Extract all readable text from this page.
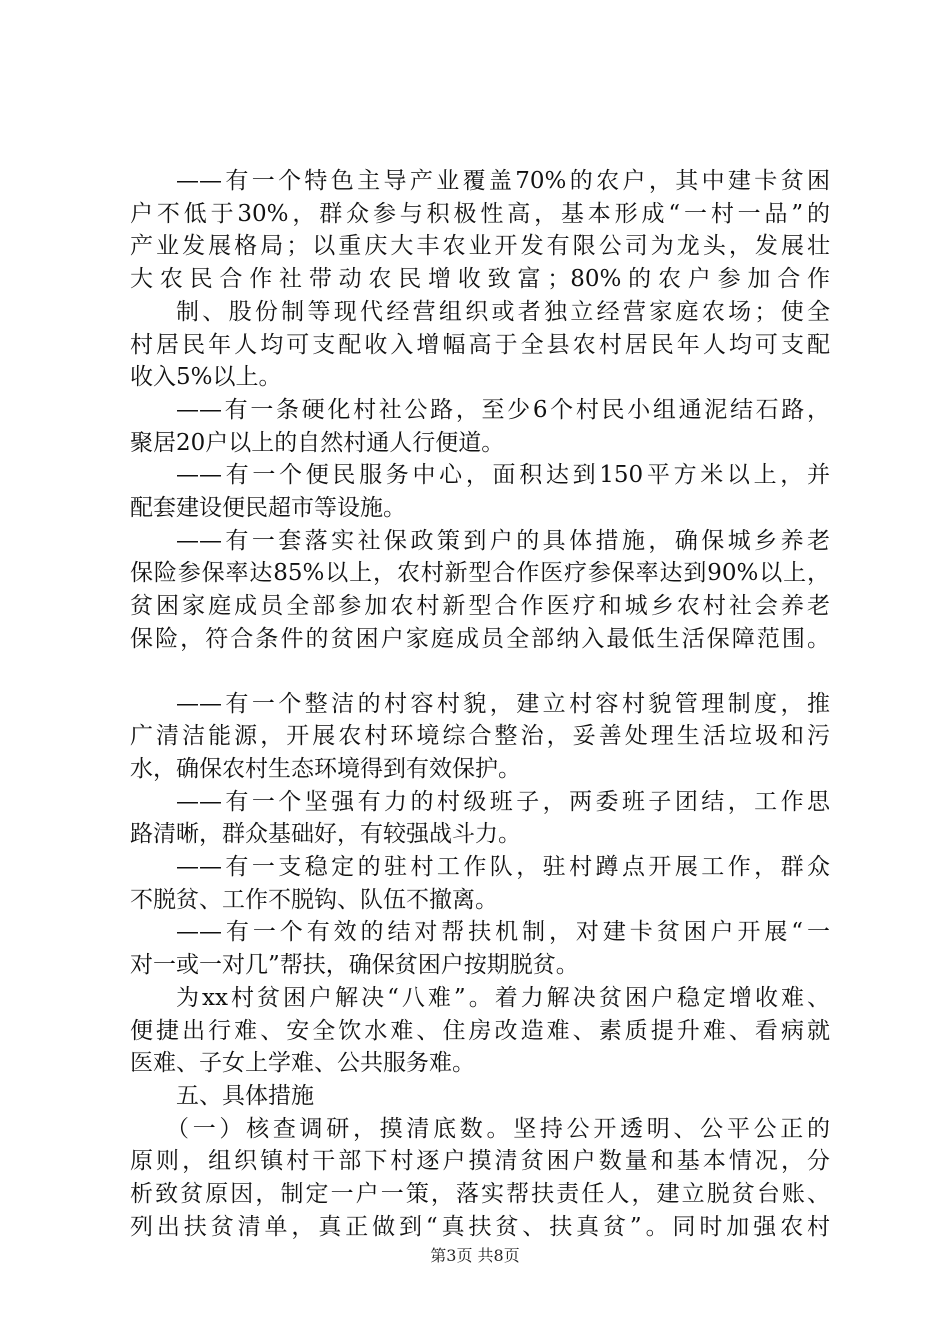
——有一个特色主导产业覆盖70%的农户，其中建卡贫困
户不低于30%，群众参与积极性高，基本形成“一村一品”的
产业发展格局；以重庆大丰农业开发有限公司为龙头，发展壮
大农民合作社带动农民增收致富；80%的农户参加合作
制、股份制等现代经营组织或者独立经营家庭农场；使全
村居民年人均可支配收入增幅高于全县农村居民年人均可支配
收入5%以上。
——有一条硬化村社公路，至少6个村民小组通泥结石路，
聚居20户以上的自然村通人行便道。
——有一个便民服务中心，面积达到150平方米以上，并
配套建设便民超市等设施。
——有一套落实社保政策到户的具体措施，确保城乡养老
保险参保率达85%以上，农村新型合作医疗参保率达到90%以上，
贫困家庭成员全部参加农村新型合作医疗和城乡农村社会养老
保险，符合条件的贫困户家庭成员全部纳入最低生活保障范围。
——有一个整洁的村容村貌，建立村容村貌管理制度，推
广清洁能源，开展农村环境综合整治，妥善处理生活垃圾和污
水，确保农村生态环境得到有效保护。
——有一个坚强有力的村级班子，两委班子团结，工作思
路清晰，群众基础好，有较强战斗力。
——有一支稳定的驻村工作队，驻村蹲点开展工作，群众
不脱贫、工作不脱钩、队伍不撤离。
——有一个有效的结对帮扶机制，对建卡贫困户开展“一
对一或一对几”帮扶，确保贫困户按期脱贫。
为xx村贫困户解决“八难”。着力解决贫困户稳定增收难、
便捷出行难、安全饮水难、住房改造难、素质提升难、看病就
医难、子女上学难、公共服务难。
五、具体措施
（一）核查调研，摸清底数。坚持公开透明、公平公正的
原则，组织镇村干部下村逐户摸清贫困户数量和基本情况，分
析致贫原因，制定一户一策，落实帮扶责任人，建立脱贫台账、
列出扶贫清单，真正做到“真扶贫、扶真贫”。同时加强农村
第3页 共8页
